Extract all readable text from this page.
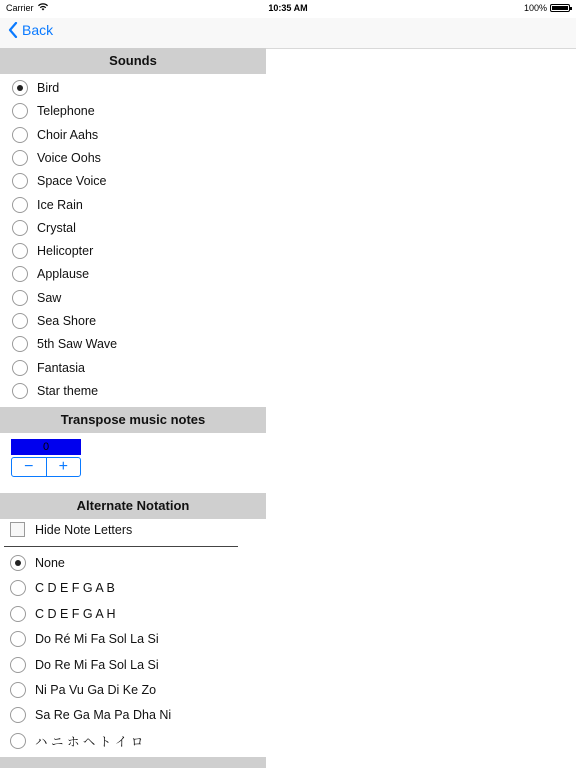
Carrier	10:35 AM	100%
Back
Sounds
Bird
Telephone
Choir Aahs
Voice Oohs
Space Voice
Ice Rain
Crystal
Helicopter
Applause
Saw
Sea Shore
5th Saw Wave
Fantasia
Star theme
Transpose music notes
0
−	+
Alternate Notation
Hide Note Letters
None
C D E F G A B
C D E F G A H
Do Ré Mi Fa Sol La Si
Do Re Mi Fa Sol La Si
Ni Pa Vu Ga Di Ke Zo
Sa Re Ga Ma Pa Dha Ni
ハ ニ ホ ヘ ト イ ロ
